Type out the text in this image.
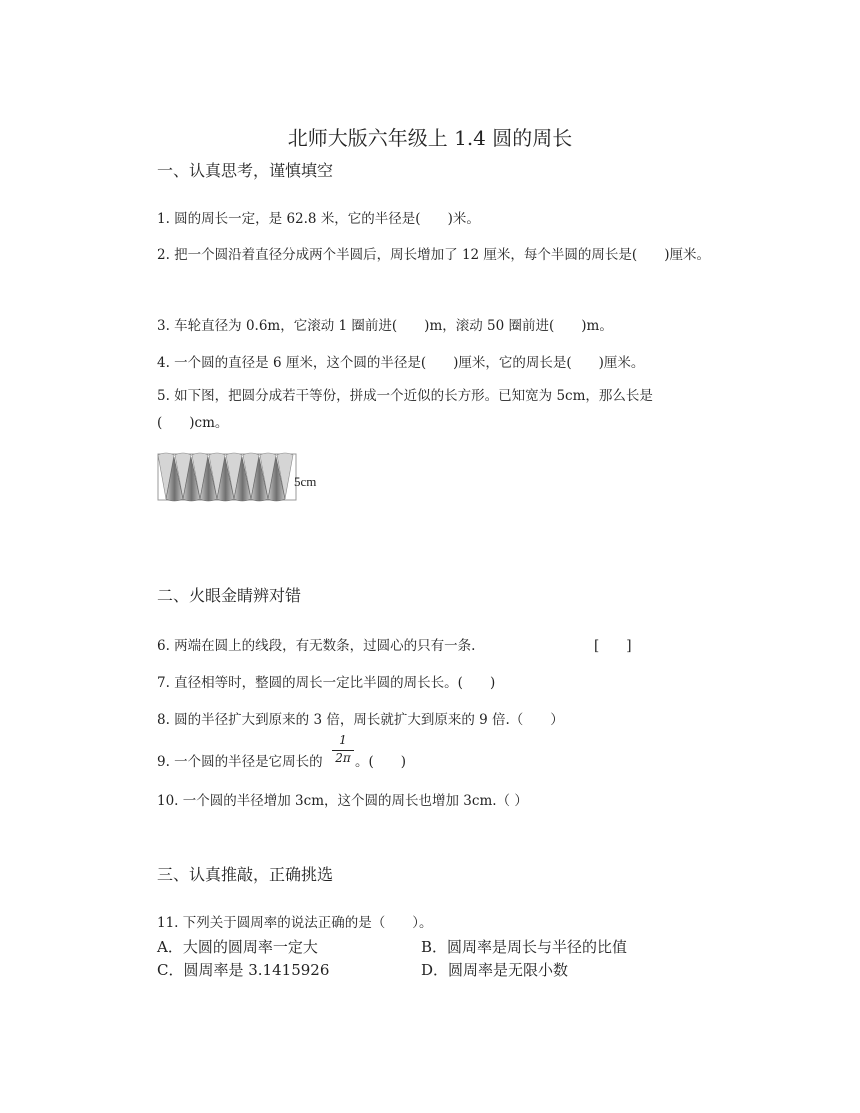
北师大版六年级上 1.4 圆的周长
一、认真思考，谨慎填空
1. 圆的周长一定，是 62.8 米，它的半径是(　　)米。
2. 把一个圆沿着直径分成两个半圆后，周长增加了 12 厘米，每个半圆的周长是(　　)厘米。
3. 车轮直径为 0.6m，它滚动 1 圈前进(　　)m，滚动 50 圈前进(　　)m。
4. 一个圆的直径是 6 厘米，这个圆的半径是(　　)厘米，它的周长是(　　)厘米。
5. 如下图，把圆分成若干等份，拼成一个近似的长方形。已知宽为 5cm，那么长是(　　)cm。
5cm
二、火眼金睛辨对错
6. 两端在圆上的线段，有无数条，过圆心的只有一条.	[　　]
7. 直径相等时，整圆的周长一定比半圆的周长长。(　　)
8. 圆的半径扩大到原来的 3 倍，周长就扩大到原来的 9 倍.（　　）
9. 一个圆的半径是它周长的
1
2π 。(　　)
10. 一个圆的半径增加 3cm，这个圆的周长也增加 3cm.（ ）
三、认真推敲，正确挑选
11. 下列关于圆周率的说法正确的是（　　）。
A．大圆的圆周率一定大	B．圆周率是周长与半径的比值
C．圆周率是 3.1415926	D．圆周率是无限小数
